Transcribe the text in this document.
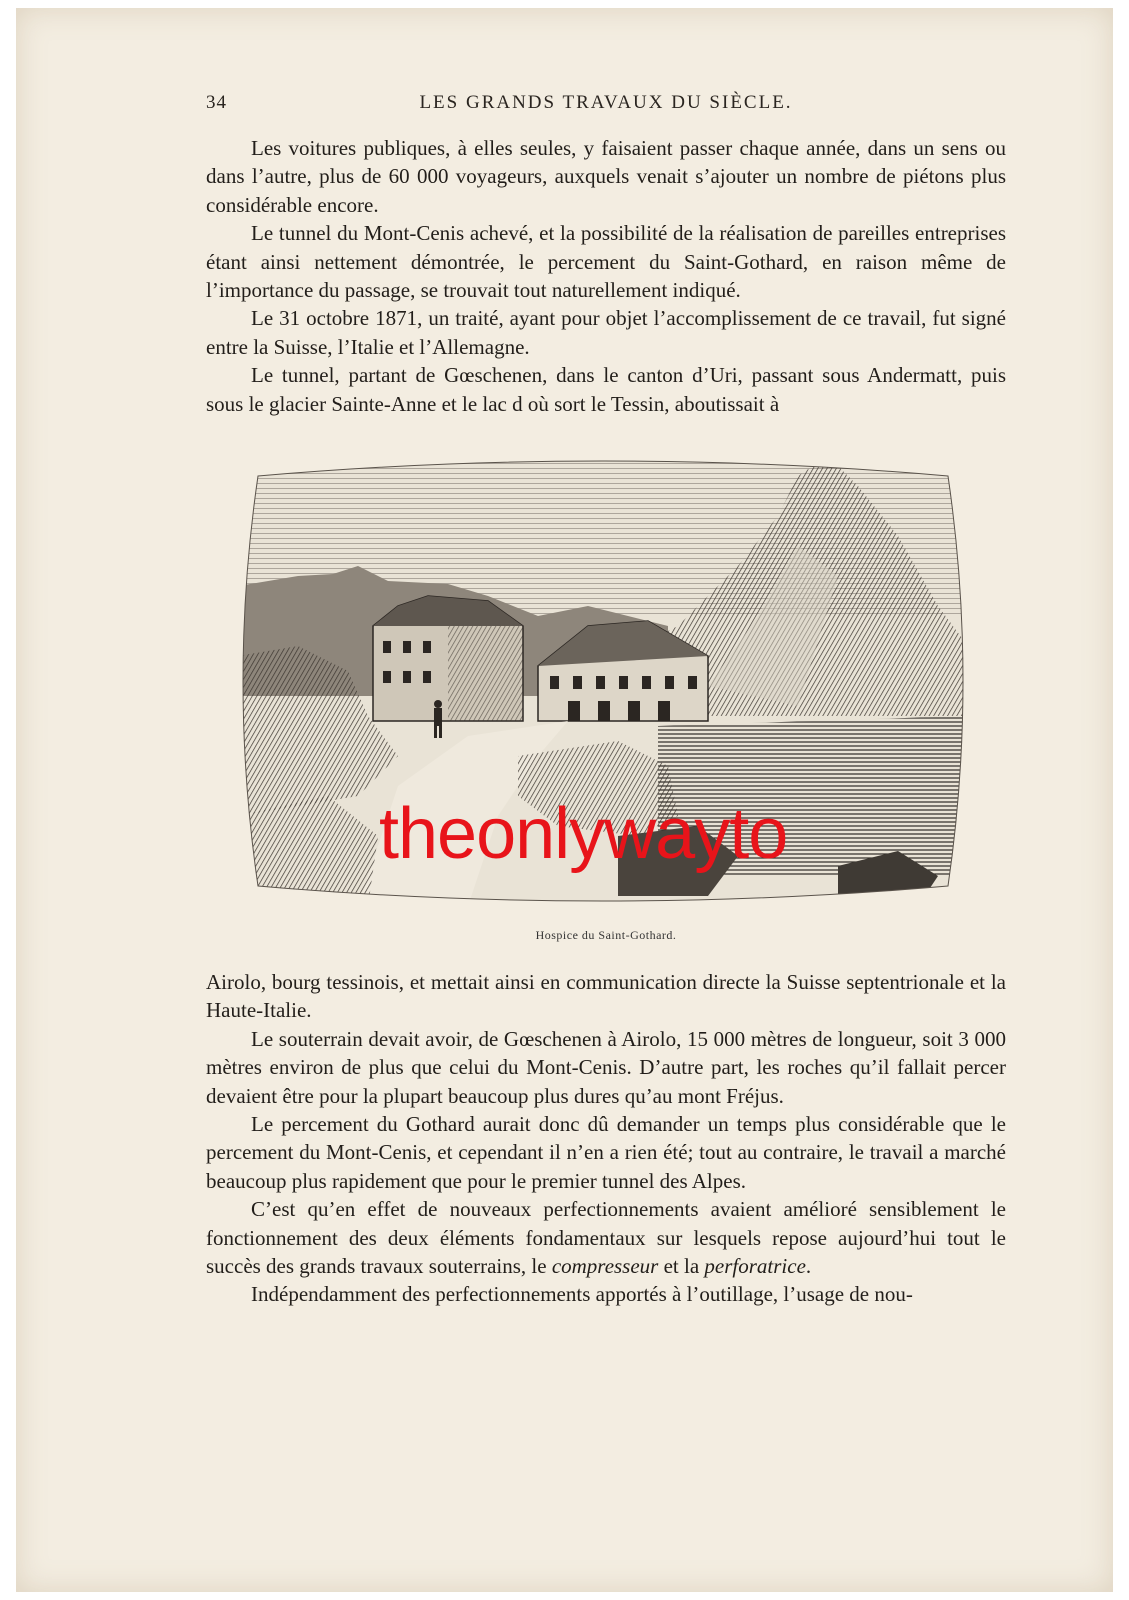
34	LES GRANDS TRAVAUX DU SIÈCLE.

Les voitures publiques, à elles seules, y faisaient passer chaque année, dans un sens ou dans l’autre, plus de 60 000 voyageurs, auxquels venait s’ajouter un nombre de piétons plus considérable encore.

Le tunnel du Mont-Cenis achevé, et la possibilité de la réalisation de pareilles entreprises étant ainsi nettement démontrée, le percement du Saint-Gothard, en raison même de l’importance du passage, se trouvait tout naturellement indiqué.

Le 31 octobre 1871, un traité, ayant pour objet l’accomplissement de ce travail, fut signé entre la Suisse, l’Italie et l’Allemagne.

Le tunnel, partant de Gœschenen, dans le canton d’Uri, passant sous Andermatt, puis sous le glacier Sainte-Anne et le lac d où sort le Tessin, aboutissait à

theonlywayto
Hospice du Saint-Gothard.

Airolo, bourg tessinois, et mettait ainsi en communication directe la Suisse septentrionale et la Haute-Italie.

Le souterrain devait avoir, de Gœschenen à Airolo, 15 000 mètres de longueur, soit 3 000 mètres environ de plus que celui du Mont-Cenis. D’autre part, les roches qu’il fallait percer devaient être pour la plupart beaucoup plus dures qu’au mont Fréjus.

Le percement du Gothard aurait donc dû demander un temps plus considérable que le percement du Mont-Cenis, et cependant il n’en a rien été; tout au contraire, le travail a marché beaucoup plus rapidement que pour le premier tunnel des Alpes.

C’est qu’en effet de nouveaux perfectionnements avaient amélioré sensiblement le fonctionnement des deux éléments fondamentaux sur lesquels repose aujourd’hui tout le succès des grands travaux souterrains, le compresseur et la perforatrice.

Indépendamment des perfectionnements apportés à l’outillage, l’usage de nou-
